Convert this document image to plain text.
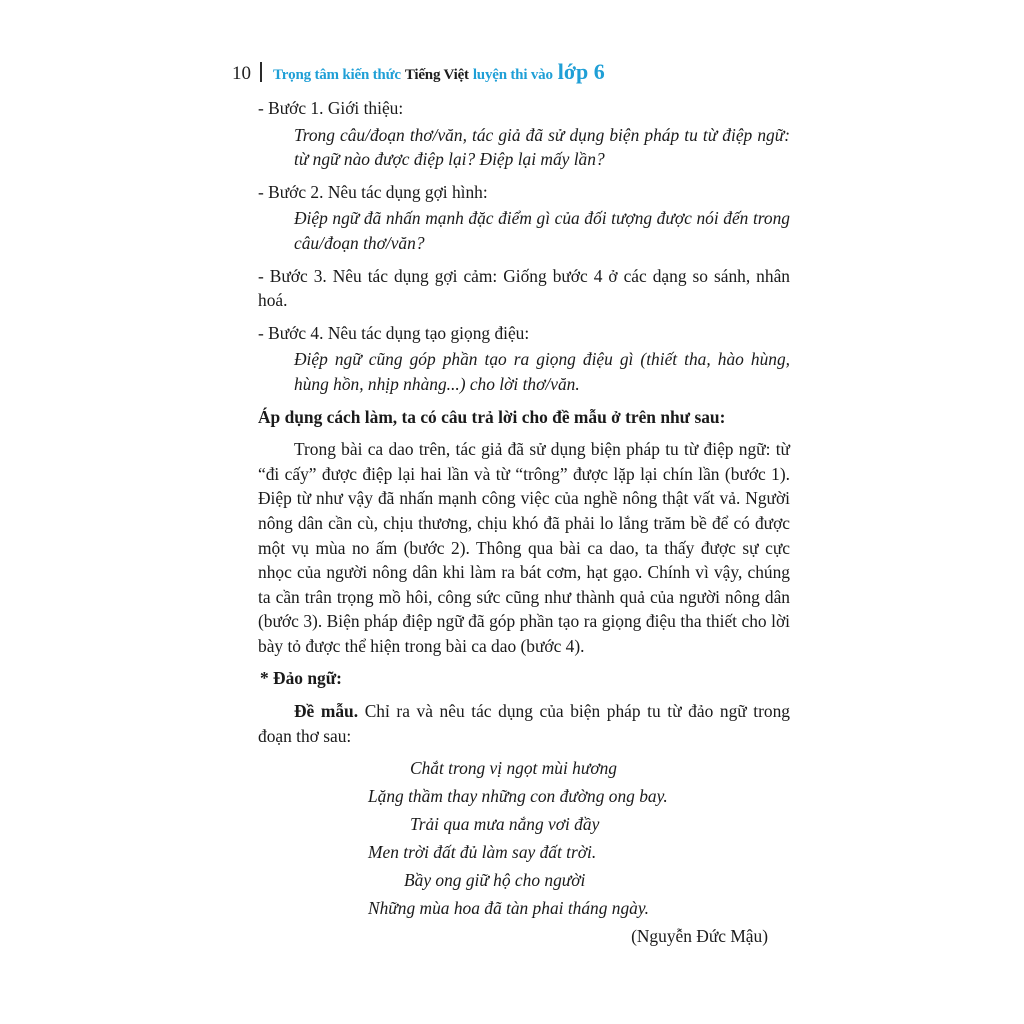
10 Trọng tâm kiến thức Tiếng Việt luyện thi vào lớp 6

- Bước 1. Giới thiệu:

Trong câu/đoạn thơ/văn, tác giả đã sử dụng biện pháp tu từ điệp ngữ: từ ngữ nào được điệp lại? Điệp lại mấy lần?

- Bước 2. Nêu tác dụng gợi hình:

Điệp ngữ đã nhấn mạnh đặc điểm gì của đối tượng được nói đến trong câu/đoạn thơ/văn?

- Bước 3. Nêu tác dụng gợi cảm: Giống bước 4 ở các dạng so sánh, nhân hoá.

- Bước 4. Nêu tác dụng tạo giọng điệu:

Điệp ngữ cũng góp phần tạo ra giọng điệu gì (thiết tha, hào hùng, hùng hồn, nhịp nhàng...) cho lời thơ/văn.

Áp dụng cách làm, ta có câu trả lời cho đề mẫu ở trên như sau:

Trong bài ca dao trên, tác giả đã sử dụng biện pháp tu từ điệp ngữ: từ “đi cấy” được điệp lại hai lần và từ “trông” được lặp lại chín lần (bước 1). Điệp từ như vậy đã nhấn mạnh công việc của nghề nông thật vất vả. Người nông dân cần cù, chịu thương, chịu khó đã phải lo lắng trăm bề để có được một vụ mùa no ấm (bước 2). Thông qua bài ca dao, ta thấy được sự cực nhọc của người nông dân khi làm ra bát cơm, hạt gạo. Chính vì vậy, chúng ta cần trân trọng mồ hôi, công sức cũng như thành quả của người nông dân (bước 3). Biện pháp điệp ngữ đã góp phần tạo ra giọng điệu tha thiết cho lời bày tỏ được thể hiện trong bài ca dao (bước 4).

* Đảo ngữ:

Đề mẫu. Chỉ ra và nêu tác dụng của biện pháp tu từ đảo ngữ trong đoạn thơ sau:

Chắt trong vị ngọt mùi hương

Lặng thầm thay những con đường ong bay.

Trải qua mưa nắng vơi đầy

Men trời đất đủ làm say đất trời.

Bầy ong giữ hộ cho người

Những mùa hoa đã tàn phai tháng ngày.

(Nguyễn Đức Mậu)
